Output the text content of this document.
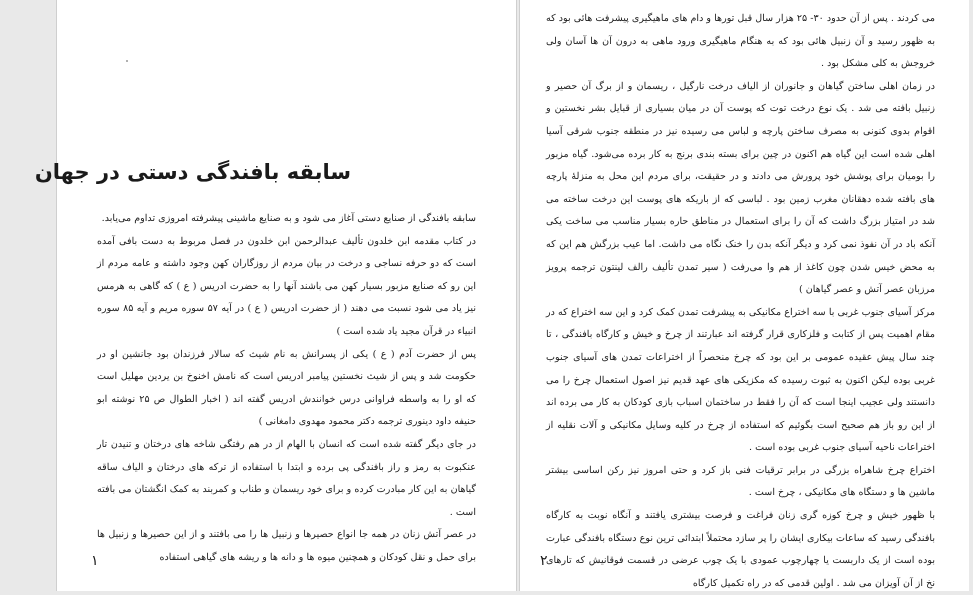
سابقه بافندگی دستی در جهان

سابقه بافندگی از صنایع دستی آغاز می شود و به صنایع ماشینی پیشرفته امروزی تداوم می‌یابد.

در کتاب مقدمه ابن خلدون تألیف عبدالرحمن ابن خلدون در فصل مربوط به دست بافی آمده است که دو حرفه نساجی و درخت در بیان مردم از روزگاران کهن وجود داشته و عامه مردم از این رو که صنایع مزبور بسیار کهن می باشند آنها را به حضرت ادریس ( ع ) که گاهی به هرمس نیز یاد می شود نسبت می دهند ( از حضرت ادریس ( ع ) در آیه ۵۷ سوره مریم و آیه ۸۵ سوره انبیاء در قرآن مجید یاد شده است )

پس از حضرت آدم ( ع ) یکی از پسرانش به نام شیث که سالار فرزندان بود جانشین او در حکومت شد و پس از شیث نخستین پیامبر ادریس است که نامش اخنوخ بن یردین مهلیل است که او را به واسطه فراوانی درس خوانندش ادریس گفته اند ( اخبار الطوال ص ۲۵ نوشته ابو حنیفه داود دینوری ترجمه دکتر محمود مهدوی دامغانی )

در جای دیگر گفته شده است که انسان با الهام از در هم رفتگی شاخه های درختان و تنیدن تار عنکبوت به رمز و راز بافندگی پی برده و ابتدا با استفاده از ترکه های درختان و الیاف ساقه گیاهان به این کار مبادرت کرده و برای خود ریسمان و طناب و کمربند به کمک انگشتان می بافته است .

در عصر آتش زنان در همه جا انواع حصیرها و زنبیل ها را می بافتند و از این حصیرها و زنبیل ها برای حمل و نقل کودکان و همچنین میوه ها و دانه ها و ریشه های گیاهی استفاده

۱

می کردند . پس از آن حدود ۳۰- ۲۵ هزار سال قبل تورها و دام های ماهیگیری پیشرفت هائی بود که به ظهور رسید و آن زنبیل هائی بود که به هنگام ماهیگیری ورود ماهی به درون آن ها آسان ولی خروجش به کلی مشکل بود .

در زمان اهلی ساختن گیاهان و جانوران از الیاف درخت نارگیل ، ریسمان و از برگ آن حصیر و زنبیل بافته می شد . یک نوع درخت توت که پوست آن در میان بسیاری از قبایل بشر نخستین و اقوام بدوی کنونی به مصرف ساختن پارچه و لباس می رسیده نیز در منطقه جنوب شرقی آسیا اهلی شده است این گیاه هم اکنون در چین برای بسته بندی برنج به کار برده می‌شود. گیاه مزبور را بومیان برای پوشش خود پرورش می دادند و در حقیقت، برای مردم این محل به منزلهٔ پارچه های بافته شده دهقانان مغرب زمین بود . لباسی که از باریکه های پوست این درخت ساخته می شد در امتیاز بزرگ داشت که آن را برای استعمال در مناطق حاره بسیار مناسب می ساخت یکی آنکه باد در آن نفوذ نمی کرد و دیگر آنکه بدن را خنک نگاه می داشت. اما عیب بزرگش هم این که به محض خیس شدن چون کاغذ از هم وا می‌رفت ( سیر تمدن تألیف رالف لینتون ترجمه پرویز مرزبان عصر آتش و عصر گیاهان )

مرکز آسیای جنوب غربی با سه اختراع مکانیکی به پیشرفت تمدن کمک کرد و این سه اختراع که در مقام اهمیت پس از کتابت و فلزکاری قرار گرفته اند عبارتند از چرخ و خیش و کارگاه بافندگی ، تا چند سال پیش عقیده عمومی بر این بود که چرخ منحصراً از اختراعات تمدن های آسیای جنوب غربی بوده لیکن اکنون به ثبوت رسیده که مکزیکی های عهد قدیم نیز اصول استعمال چرخ را می دانستند ولی عجیب اینجا است که آن را فقط در ساختمان اسباب بازی کودکان به کار می برده اند از این رو باز هم صحیح است بگوئیم که استفاده از چرخ در کلیه وسایل مکانیکی و آلات نقلیه از اختراعات ناحیه آسیای جنوب غربی بوده است .

اختراع چرخ شاهراه بزرگی در برابر ترقیات فنی باز کرد و حتی امروز نیز رکن اساسی بیشتر ماشین ها و دستگاه های مکانیکی ، چرخ است .

با ظهور خیش و چرخ کوزه گری زنان فراغت و فرصت بیشتری یافتند و آنگاه نوبت به کارگاه بافندگی رسید که ساعات بیکاری ایشان را پر سازد محتملاً ابتدائی ترین نوع دستگاه بافندگی عبارت بوده است از یک داربست یا چهارچوب عمودی با یک چوب عرضی در قسمت فوقانیش که تارهای نخ از آن آویزان می شد . اولین قدمی که در راه تکمیل کارگاه

۲
